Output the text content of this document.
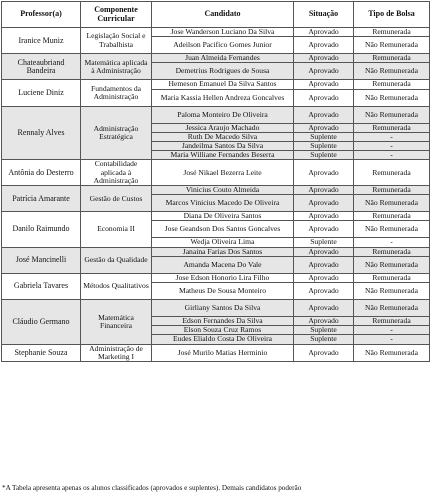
Professor(a)	Componente Curricular	Candidato	Situação	Tipo de Bolsa
Iranice Muniz	Legislação Social e Trabalhista	Jose Wanderson Luciano Da Silva	Aprovado	Remunerada
		Adeilson Pacifico Gomes Junior	Aprovado	Não Remunerada
Chateaubriand Bandeira	Matemática aplicada à Administração	Juan Almeida Fernandes	Aprovado	Remunerada
		Demetrius Rodrigues de Sousa	Aprovado	Não Remunerada
Luciene Diniz	Fundamentos da Administração	Hemeson Emanuel Da Silva Santos	Aprovado	Remunerada
		Maria Kassia Hellen Andreza Goncalves	Aprovado	Não Remunerada
Rennaly Alves	Administração Estratégica	Paloma Monteiro De Oliveira	Aprovado	Não Remunerada
		Jessica Araujo Machado	Aprovado	Remunerada
		Ruth De Macedo Silva	Suplente	-
		Jandeilma Santos Da Silva	Suplente	-
		Maria Williane Fernandes Beserra	Suplente	-
Antônia do Desterro	Contabilidade aplicada à Administração	José Nikael Bezerra Leite	Aprovado	Remunerada
Patrícia Amarante	Gestão de Custos	Vinicius Couto Almeida	Aprovado	Remunerada
		Marcos Vinicius Macedo De Oliveira	Aprovado	Não Remunerada
Danilo Raimundo	Economia II	Diana De Oliveira Santos	Aprovado	Remunerada
		Jose Geandson Dos Santos Goncalves	Aprovado	Não Remunerada
		Wedja Oliveira Lima	Suplente	-
José Mancinelli	Gestão da Qualidade	Janaina Farias Dos Santos	Aprovado	Remunerada
		Amanda Macena Do Vale	Aprovado	Não Remunerada
Gabriela Tavares	Métodos Qualitativos	Jose Edson Honorio Lira Filho	Aprovado	Remunerada
		Matheus De Sousa Monteiro	Aprovado	Não Remunerada
Cláudio Germano	Matemática Financeira	Girliany Santos Da Silva	Aprovado	Não Remunerada
		Edson Fernandes Da Silva	Aprovado	Remunerada
		Elson Souza Cruz Ramos	Suplente	-
		Eudes Elialdo Costa De Oliveira	Suplente	-
Stephanie Souza	Administração de Marketing I	José Murilo Matias Herminio	Aprovado	Não Remunerada
*A Tabela apresenta apenas os alunos classificados (aprovados e suplentes). Demais candidatos poderão
